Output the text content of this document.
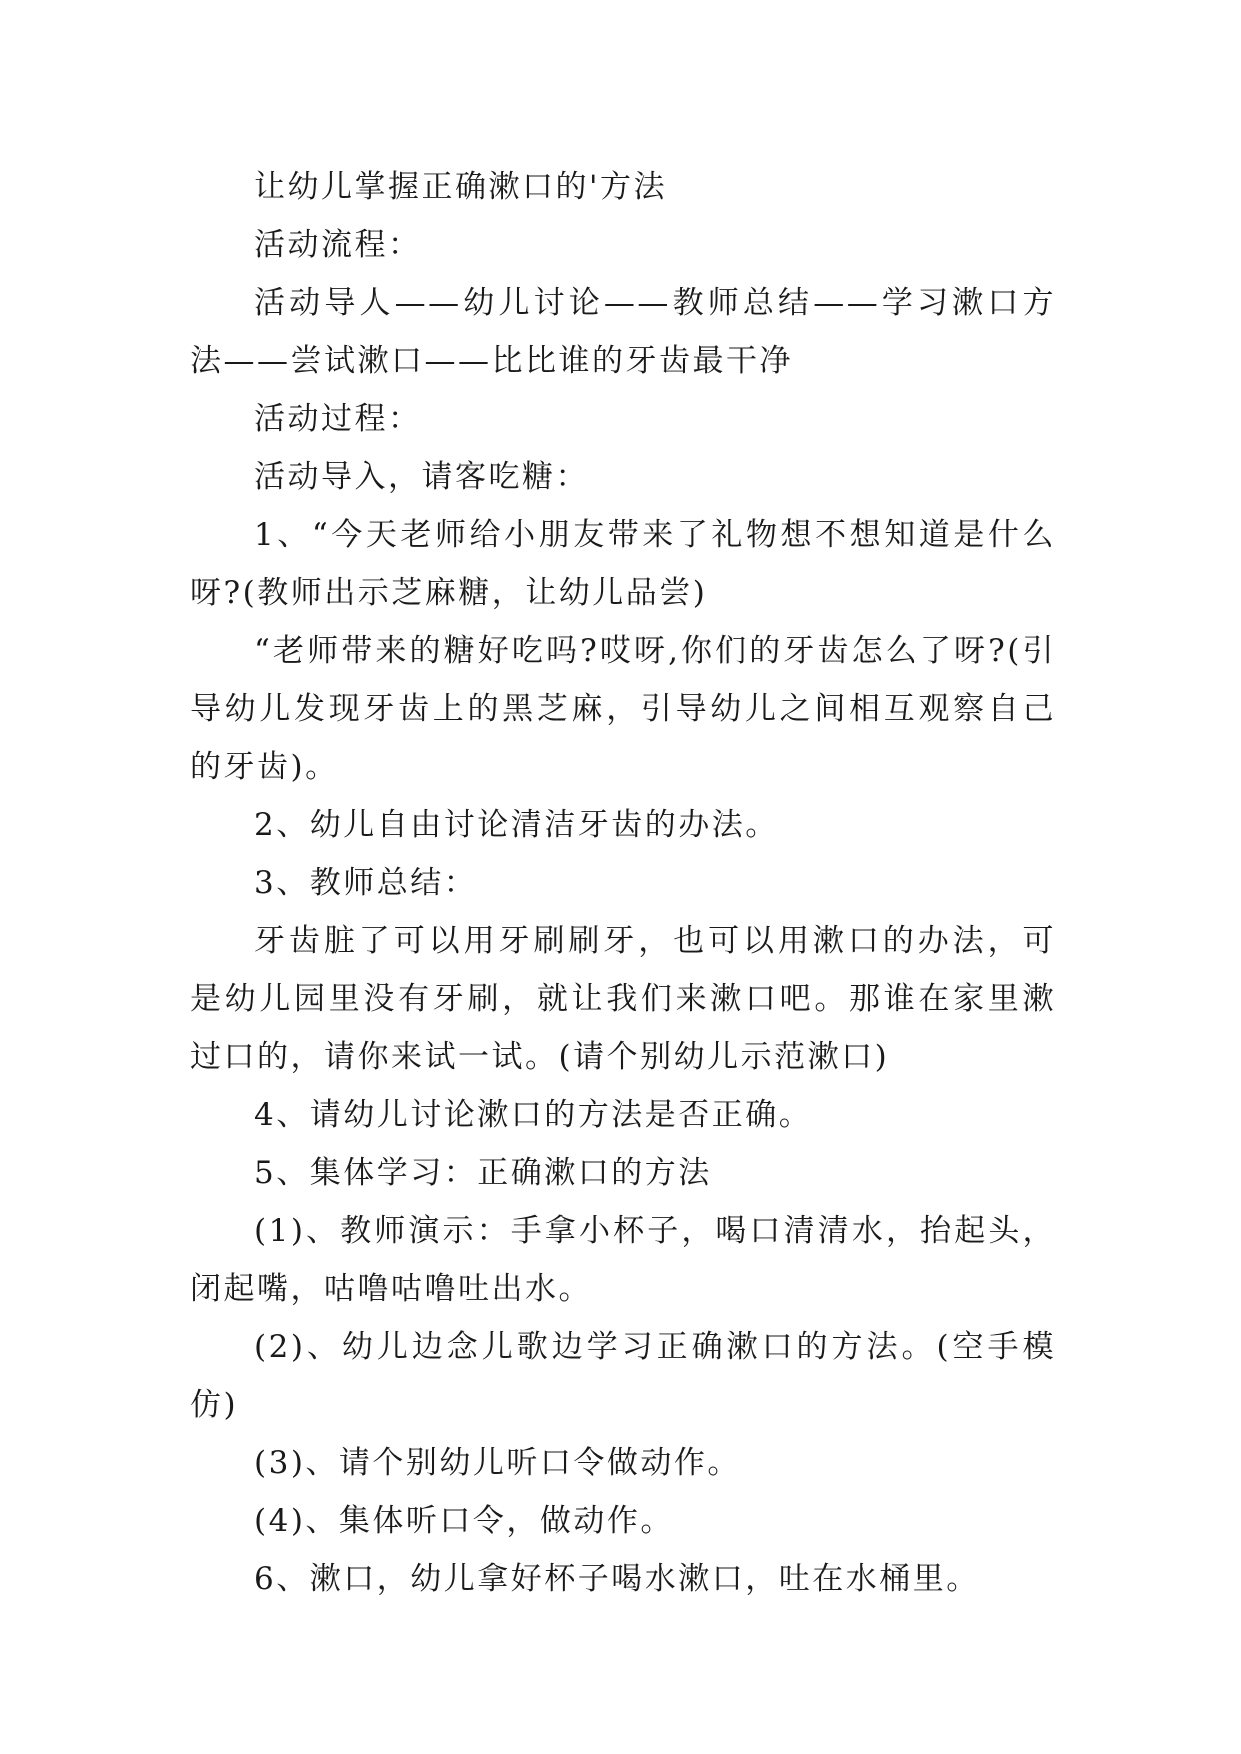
让幼儿掌握正确漱口的'方法

活动流程：

活动导人——幼儿讨论——教师总结——学习漱口方法——尝试漱口——比比谁的牙齿最干净

活动过程：

活动导入，请客吃糖：

1、“今天老师给小朋友带来了礼物想不想知道是什么呀?(教师出示芝麻糖，让幼儿品尝)

“老师带来的糖好吃吗?哎呀,你们的牙齿怎么了呀?(引导幼儿发现牙齿上的黑芝麻，引导幼儿之间相互观察自己的牙齿)。

2、幼儿自由讨论清洁牙齿的办法。

3、教师总结：

牙齿脏了可以用牙刷刷牙，也可以用漱口的办法，可是幼儿园里没有牙刷，就让我们来漱口吧。那谁在家里漱过口的，请你来试一试。(请个别幼儿示范漱口)

4、请幼儿讨论漱口的方法是否正确。

5、集体学习：正确漱口的方法

(1)、教师演示：手拿小杯子，喝口清清水，抬起头，闭起嘴，咕噜咕噜吐出水。

(2)、幼儿边念儿歌边学习正确漱口的方法。(空手模仿)

(3)、请个别幼儿听口令做动作。

(4)、集体听口令，做动作。

6、漱口，幼儿拿好杯子喝水漱口，吐在水桶里。
